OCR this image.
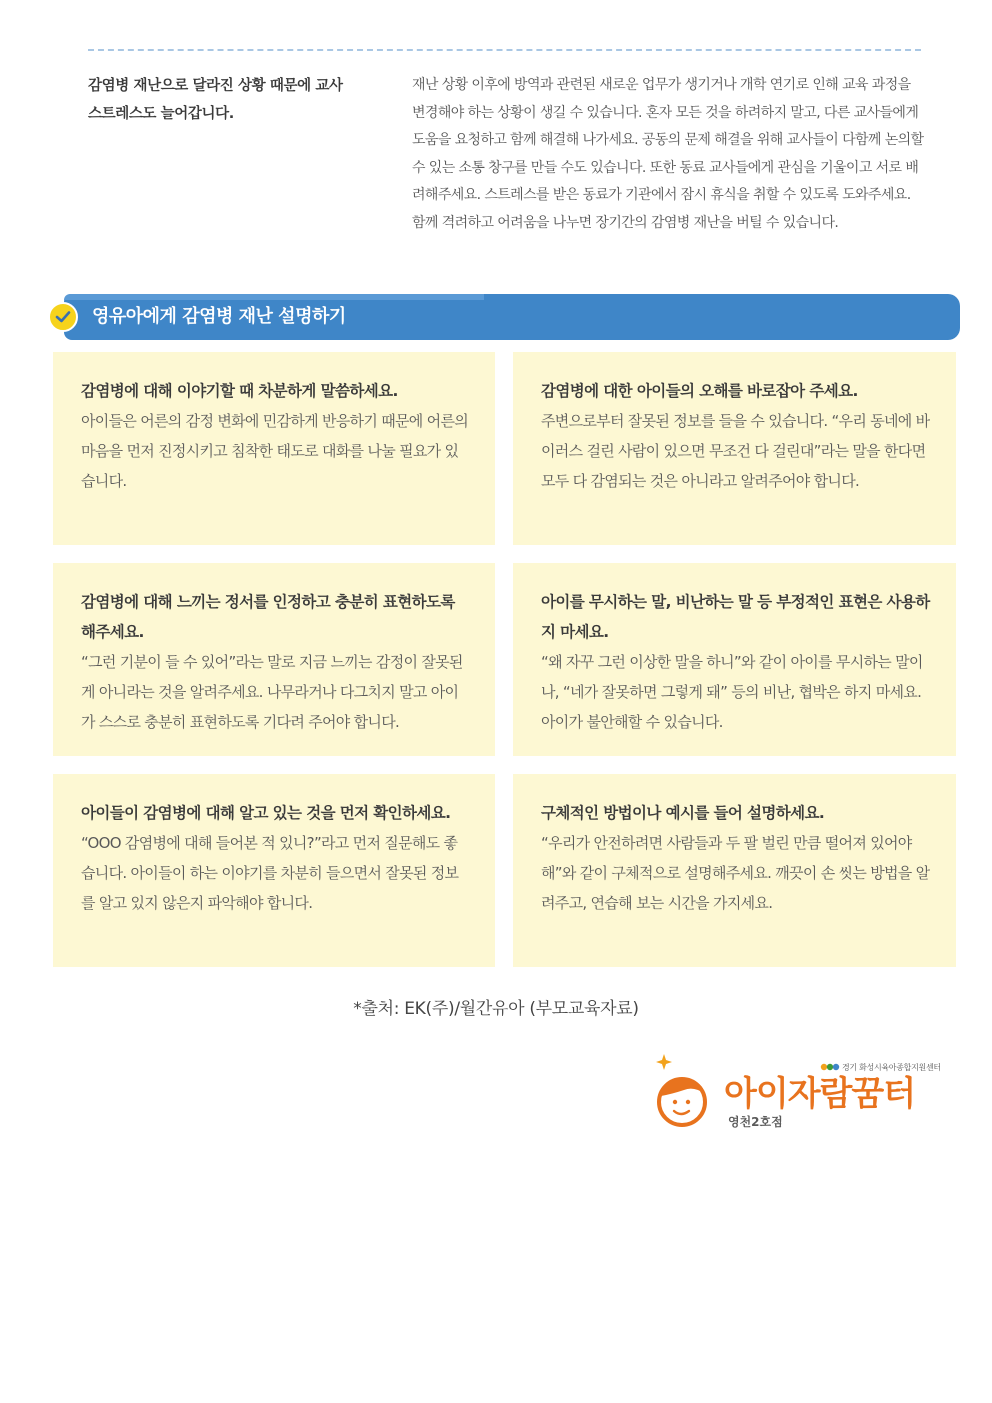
감염병 재난으로 달라진 상황 때문에 교사 스트레스도 늘어갑니다.
재난 상황 이후에 방역과 관련된 새로운 업무가 생기거나 개학 연기로 인해 교육 과정을 변경해야 하는 상황이 생길 수 있습니다. 혼자 모든 것을 하려하지 말고, 다른 교사들에게 도움을 요청하고 함께 해결해 나가세요. 공동의 문제 해결을 위해 교사들이 다함께 논의할 수 있는 소통 창구를 만들 수도 있습니다. 또한 동료 교사들에게 관심을 기울이고 서로 배려해주세요. 스트레스를 받은 동료가 기관에서 잠시 휴식을 취할 수 있도록 도와주세요. 함께 격려하고 어려움을 나누면 장기간의 감염병 재난을 버틸 수 있습니다.
영유아에게 감염병 재난 설명하기
감염병에 대해 이야기할 때 차분하게 말씀하세요.
아이들은 어른의 감정 변화에 민감하게 반응하기 때문에 어른의 마음을 먼저 진정시키고 침착한 태도로 대화를 나눌 필요가 있습니다.
감염병에 대한 아이들의 오해를 바로잡아 주세요.
주변으로부터 잘못된 정보를 들을 수 있습니다. “우리 동네에 바이러스 걸린 사람이 있으면 무조건 다 걸린대”라는 말을 한다면 모두 다 감염되는 것은 아니라고 알려주어야 합니다.
감염병에 대해 느끼는 정서를 인정하고 충분히 표현하도록 해주세요.
“그런 기분이 들 수 있어”라는 말로 지금 느끼는 감정이 잘못된 게 아니라는 것을 알려주세요. 나무라거나 다그치지 말고 아이가 스스로 충분히 표현하도록 기다려 주어야 합니다.
아이를 무시하는 말, 비난하는 말 등 부정적인 표현은 사용하지 마세요.
“왜 자꾸 그런 이상한 말을 하니”와 같이 아이를 무시하는 말이나, “네가 잘못하면 그렇게 돼” 등의 비난, 협박은 하지 마세요. 아이가 불안해할 수 있습니다.
아이들이 감염병에 대해 알고 있는 것을 먼저 확인하세요.
“OOO 감염병에 대해 들어본 적 있니?”라고 먼저 질문해도 좋습니다. 아이들이 하는 이야기를 차분히 들으면서 잘못된 정보를 알고 있지 않은지 파악해야 합니다.
구체적인 방법이나 예시를 들어 설명하세요.
“우리가 안전하려면 사람들과 두 팔 벌린 만큼 떨어져 있어야 해”와 같이 구체적으로 설명해주세요. 깨끗이 손 씻는 방법을 알려주고, 연습해 보는 시간을 가지세요.
*출처: EK(주)/월간유아 (부모교육자료)
경기 화성시육아종합지원센터
아이자람꿈터
영천2호점
